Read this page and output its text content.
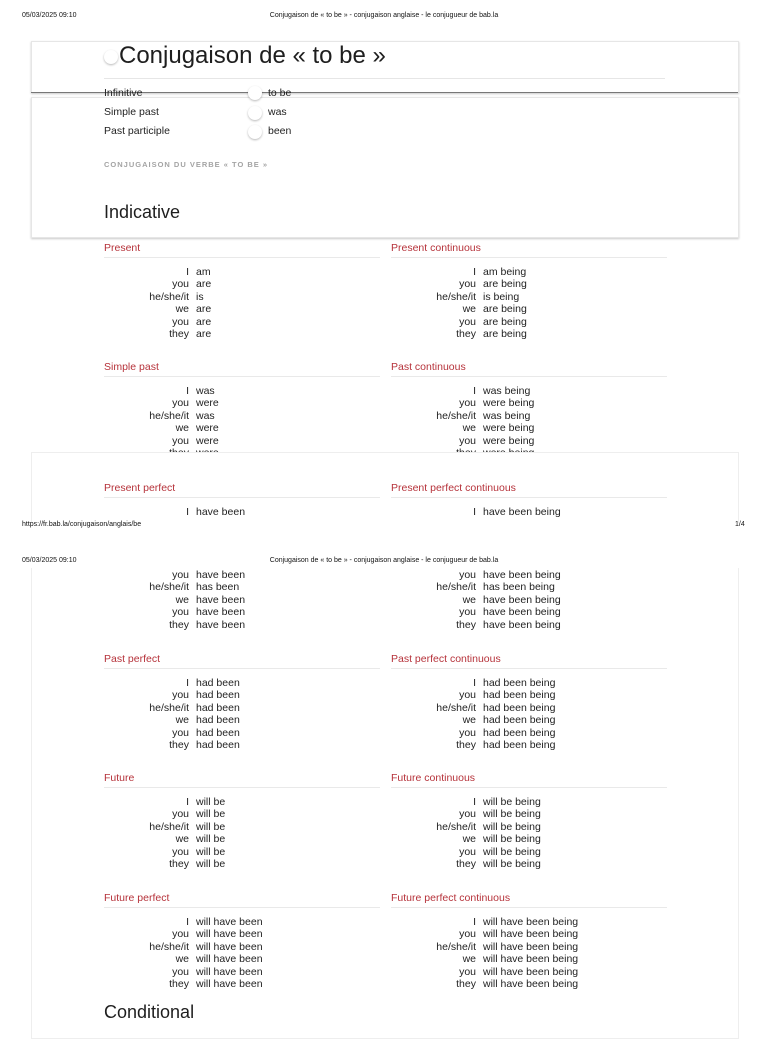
05/03/2025 09:10	Conjugaison de « to be » - conjugaison anglaise - le conjugueur de bab.la
Conjugaison de « to be »
Infinitive	to be
Simple past	was
Past participle	been
CONJUGAISON DU VERBE « TO BE »
Indicative
Present
I am
you are
he/she/it is
we are
you are
they are
Present continuous
I am being
you are being
he/she/it is being
we are being
you are being
they are being
Simple past
I was
you were
he/she/it was
we were
you were
Past continuous
I was being
you were being
he/she/it was being
we were being
you were being
Present perfect
I have been
Present perfect continuous
I have been being
https://fr.bab.la/conjugaison/anglais/be	1/4
05/03/2025 09:10	Conjugaison de « to be » - conjugaison anglaise - le conjugueur de bab.la
you have been
he/she/it has been
we have been
you have been
they have been
you have been being
he/she/it has been being
we have been being
you have been being
they have been being
Past perfect
I had been
you had been
he/she/it had been
we had been
you had been
they had been
Past perfect continuous
I had been being
you had been being
he/she/it had been being
we had been being
you had been being
they had been being
Future
I will be
you will be
he/she/it will be
we will be
you will be
they will be
Future continuous
I will be being
you will be being
he/she/it will be being
we will be being
you will be being
they will be being
Future perfect
I will have been
you will have been
he/she/it will have been
we will have been
you will have been
they will have been
Future perfect continuous
I will have been being
you will have been being
he/she/it will have been being
we will have been being
you will have been being
they will have been being
Conditional
